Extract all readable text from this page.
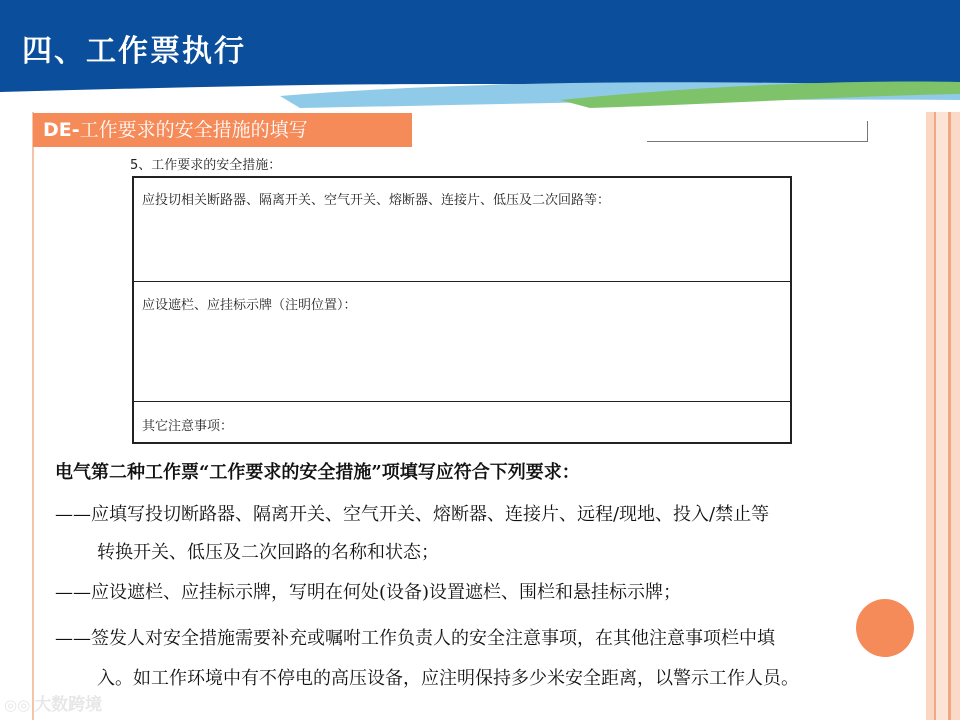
四、工作票执行
DE-工作要求的安全措施的填写
5、工作要求的安全措施：
应投切相关断路器、隔离开关、空气开关、熔断器、连接片、低压及二次回路等：
应设遮栏、应挂标示牌（注明位置）：
其它注意事项：
电气第二种工作票“工作要求的安全措施”项填写应符合下列要求：
——应填写投切断路器、隔离开关、空气开关、熔断器、连接片、远程/现地、投入/禁止等
转换开关、低压及二次回路的名称和状态；
——应设遮栏、应挂标示牌，写明在何处(设备)设置遮栏、围栏和悬挂标示牌；
——签发人对安全措施需要补充或嘱咐工作负责人的安全注意事项，在其他注意事项栏中填
入。如工作环境中有不停电的高压设备，应注明保持多少米安全距离，以警示工作人员。
◎◎ 大数跨境
